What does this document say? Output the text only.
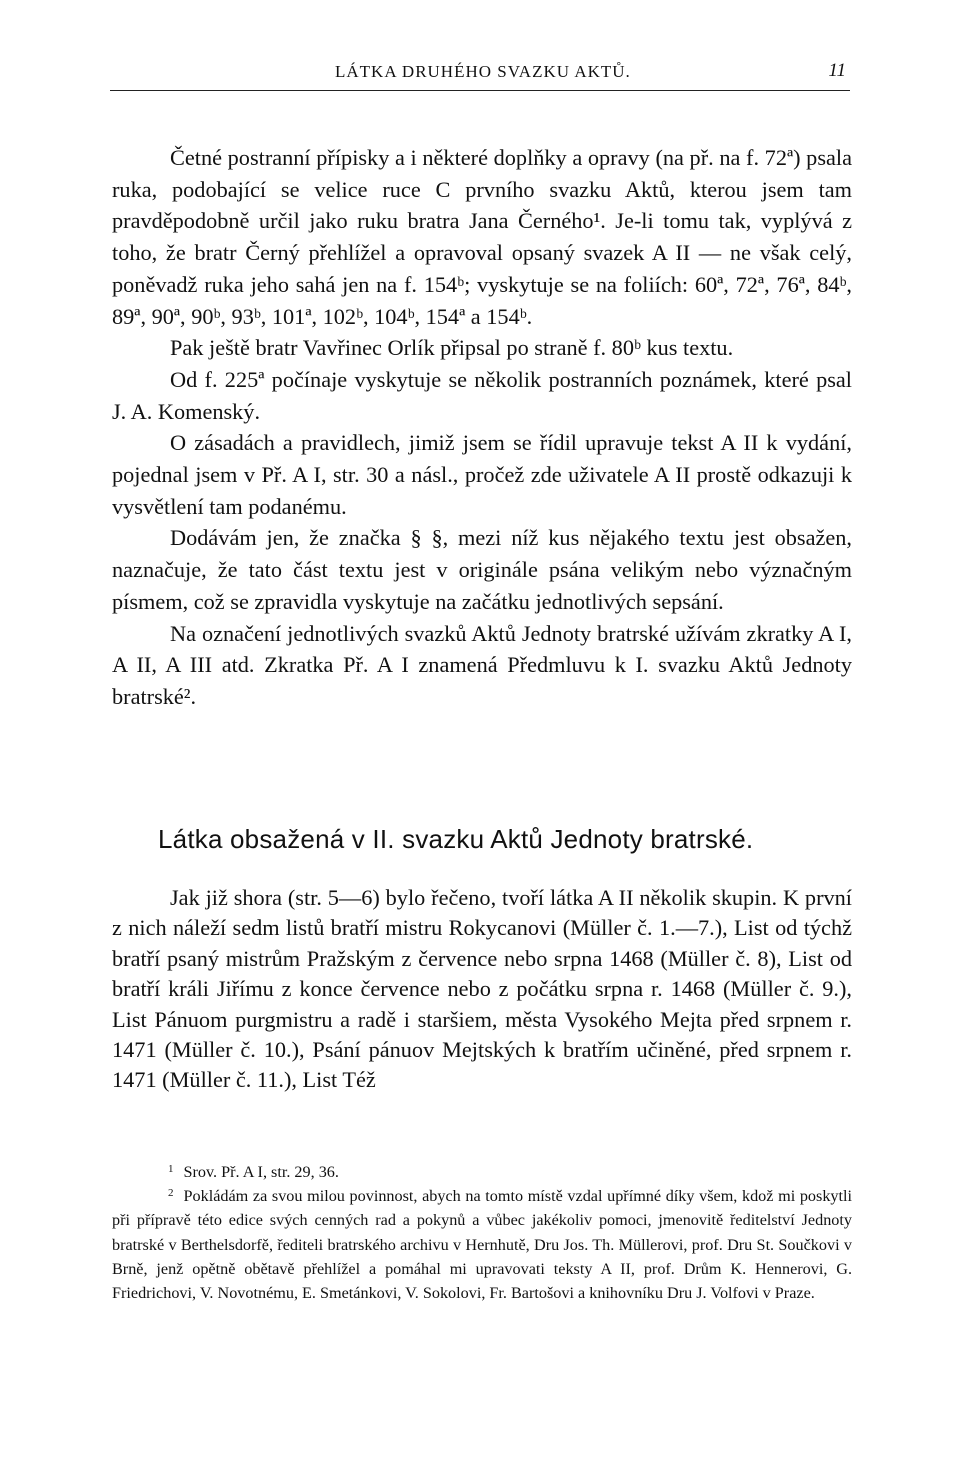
LÁTKA DRUHÉHO SVAZKU AKTŮ.	11

Četné postranní přípisky a i některé doplňky a opravy (na př. na f. 72ª) psala ruka, podobající se velice ruce C prvního svazku Aktů, kterou jsem tam pravděpodobně určil jako ruku bratra Jana Černého¹. Je-li tomu tak, vyplývá z toho, že bratr Černý přehlížel a opravoval opsaný svazek A II — ne však celý, poněvadž ruka jeho sahá jen na f. 154ᵇ; vyskytuje se na foliích: 60ª, 72ª, 76ª, 84ᵇ, 89ª, 90ª, 90ᵇ, 93ᵇ, 101ª, 102ᵇ, 104ᵇ, 154ª a 154ᵇ.

Pak ještě bratr Vavřinec Orlík připsal po straně f. 80ᵇ kus textu.

Od f. 225ª počínaje vyskytuje se několik postranních poznámek, které psal J. A. Komenský.

O zásadách a pravidlech, jimiž jsem se řídil upravuje tekst A II k vydání, pojednal jsem v Př. A I, str. 30 a násl., pročež zde uživatele A II prostě odkazuji k vysvětlení tam podanému.

Dodávám jen, že značka § §, mezi níž kus nějakého textu jest obsažen, naznačuje, že tato část textu jest v originále psána velikým nebo význačným písmem, což se zpravidla vyskytuje na začátku jednotlivých sepsání.

Na označení jednotlivých svazků Aktů Jednoty bratrské užívám zkratky A I, A II, A III atd. Zkratka Př. A I znamená Předmluvu k I. svazku Aktů Jednoty bratrské².

Látka obsažená v II. svazku Aktů Jednoty bratrské.

Jak již shora (str. 5—6) bylo řečeno, tvoří látka A II několik skupin. K první z nich náleží sedm listů bratří mistru Rokycanovi (Müller č. 1.—7.), List od týchž bratří psaný mistrům Pražským z července nebo srpna 1468 (Müller č. 8), List od bratří králi Jiřímu z konce července nebo z počátku srpna r. 1468 (Müller č. 9.), List Pánuom purgmistru a radě i staršiem, města Vysokého Mejta před srpnem r. 1471 (Müller č. 10.), Psání pánuov Mejtských k bratřím učiněné, před srpnem r. 1471 (Müller č. 11.), List Též

$^1$ Srov. Př. A I, str. 29, 36.

$^2$ Pokládám za svou milou povinnost, abych na tomto místě vzdal upřímné díky všem, kdož mi poskytli při přípravě této edice svých cenných rad a pokynů a vůbec jakékoliv pomoci, jmenovitě ředitelství Jednoty bratrské v Berthelsdorfě, řediteli bratrského archivu v Hernhutě, Dru Jos. Th. Müllerovi, prof. Dru St. Součkovi v Brně, jenž opětně obětavě přehlížel a pomáhal mi upravovati teksty A II, prof. Drům K. Hennerovi, G. Friedrichovi, V. Novotnému, E. Smetánkovi, V. Sokolovi, Fr. Bartošovi a knihovníku Dru J. Volfovi v Praze.
